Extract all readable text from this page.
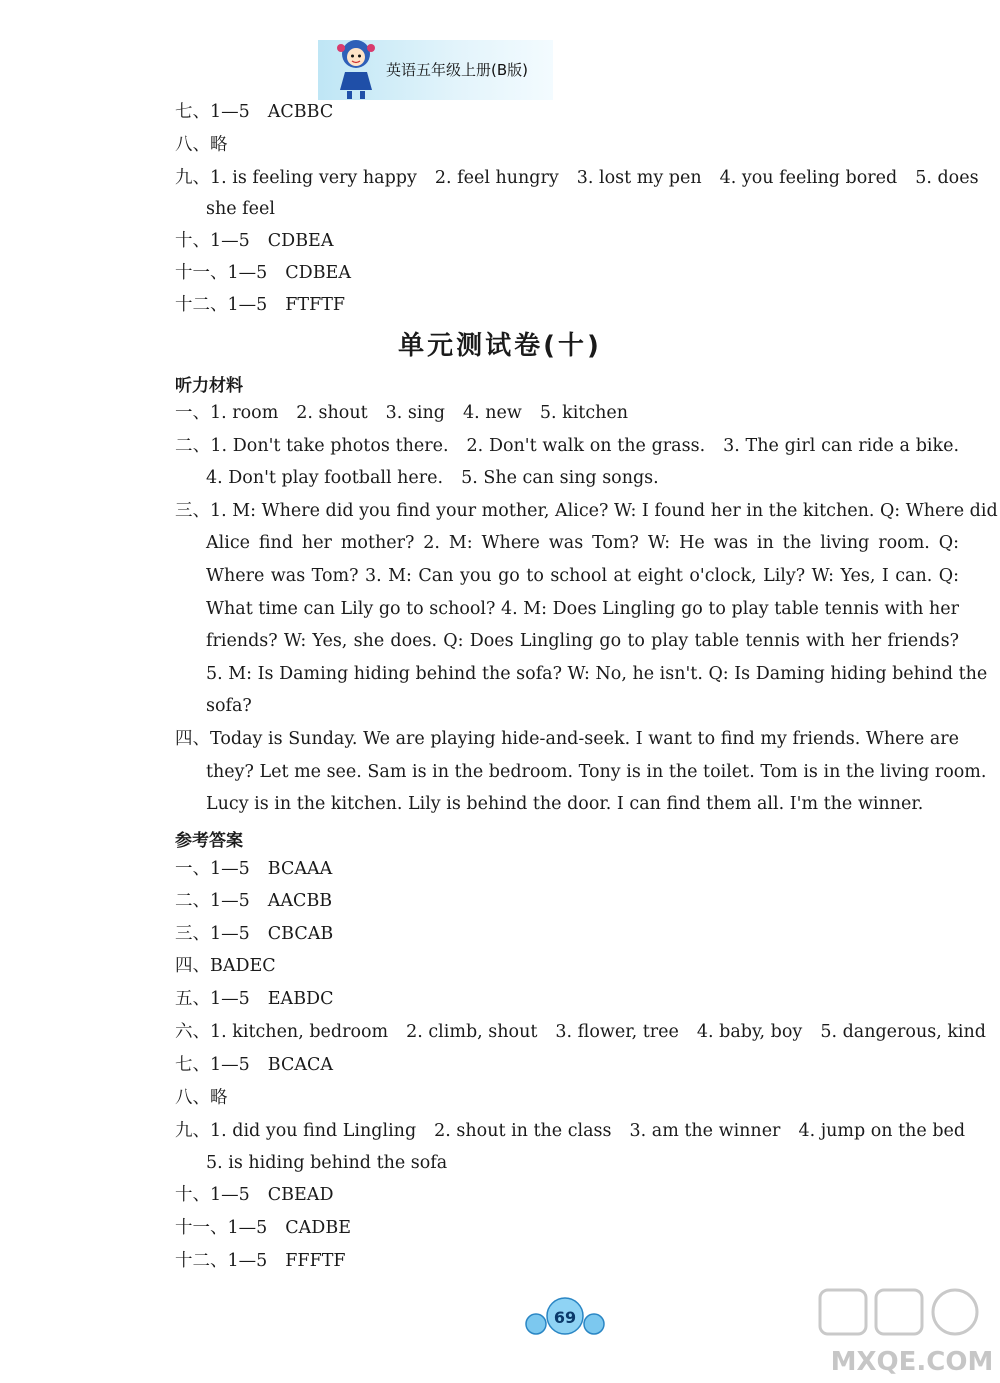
英语五年级上册(B版)
七、1—5 ACBBC
八、略
九、1. is feeling very happy 2. feel hungry 3. lost my pen 4. you feeling bored 5. does
she feel
十、1—5 CDBEA
十一、1—5 CDBEA
十二、1—5 FTFTF
单元测试卷(十)
听力材料
一、1. room 2. shout 3. sing 4. new 5. kitchen
二、1. Don't take photos there. 2. Don't walk on the grass. 3. The girl can ride a bike.
4. Don't play football here. 5. She can sing songs.
三、1. M: Where did you find your mother, Alice? W: I found her in the kitchen. Q: Where did
Alice find her mother? 2. M: Where was Tom? W: He was in the living room. Q:
Where was Tom? 3. M: Can you go to school at eight o'clock, Lily? W: Yes, I can. Q:
What time can Lily go to school? 4. M: Does Lingling go to play table tennis with her
friends? W: Yes, she does. Q: Does Lingling go to play table tennis with her friends?
5. M: Is Daming hiding behind the sofa? W: No, he isn't. Q: Is Daming hiding behind the
sofa?
四、Today is Sunday. We are playing hide-and-seek. I want to find my friends. Where are
they? Let me see. Sam is in the bedroom. Tony is in the toilet. Tom is in the living room.
Lucy is in the kitchen. Lily is behind the door. I can find them all. I'm the winner.
参考答案
一、1—5 BCAAA
二、1—5 AACBB
三、1—5 CBCAB
四、BADEC
五、1—5 EABDC
六、1. kitchen, bedroom 2. climb, shout 3. flower, tree 4. baby, boy 5. dangerous, kind
七、1—5 BCACA
八、略
九、1. did you find Lingling 2. shout in the class 3. am the winner 4. jump on the bed
5. is hiding behind the sofa
十、1—5 CBEAD
十一、1—5 CADBE
十二、1—5 FFFTF
69
MXQE.COM
